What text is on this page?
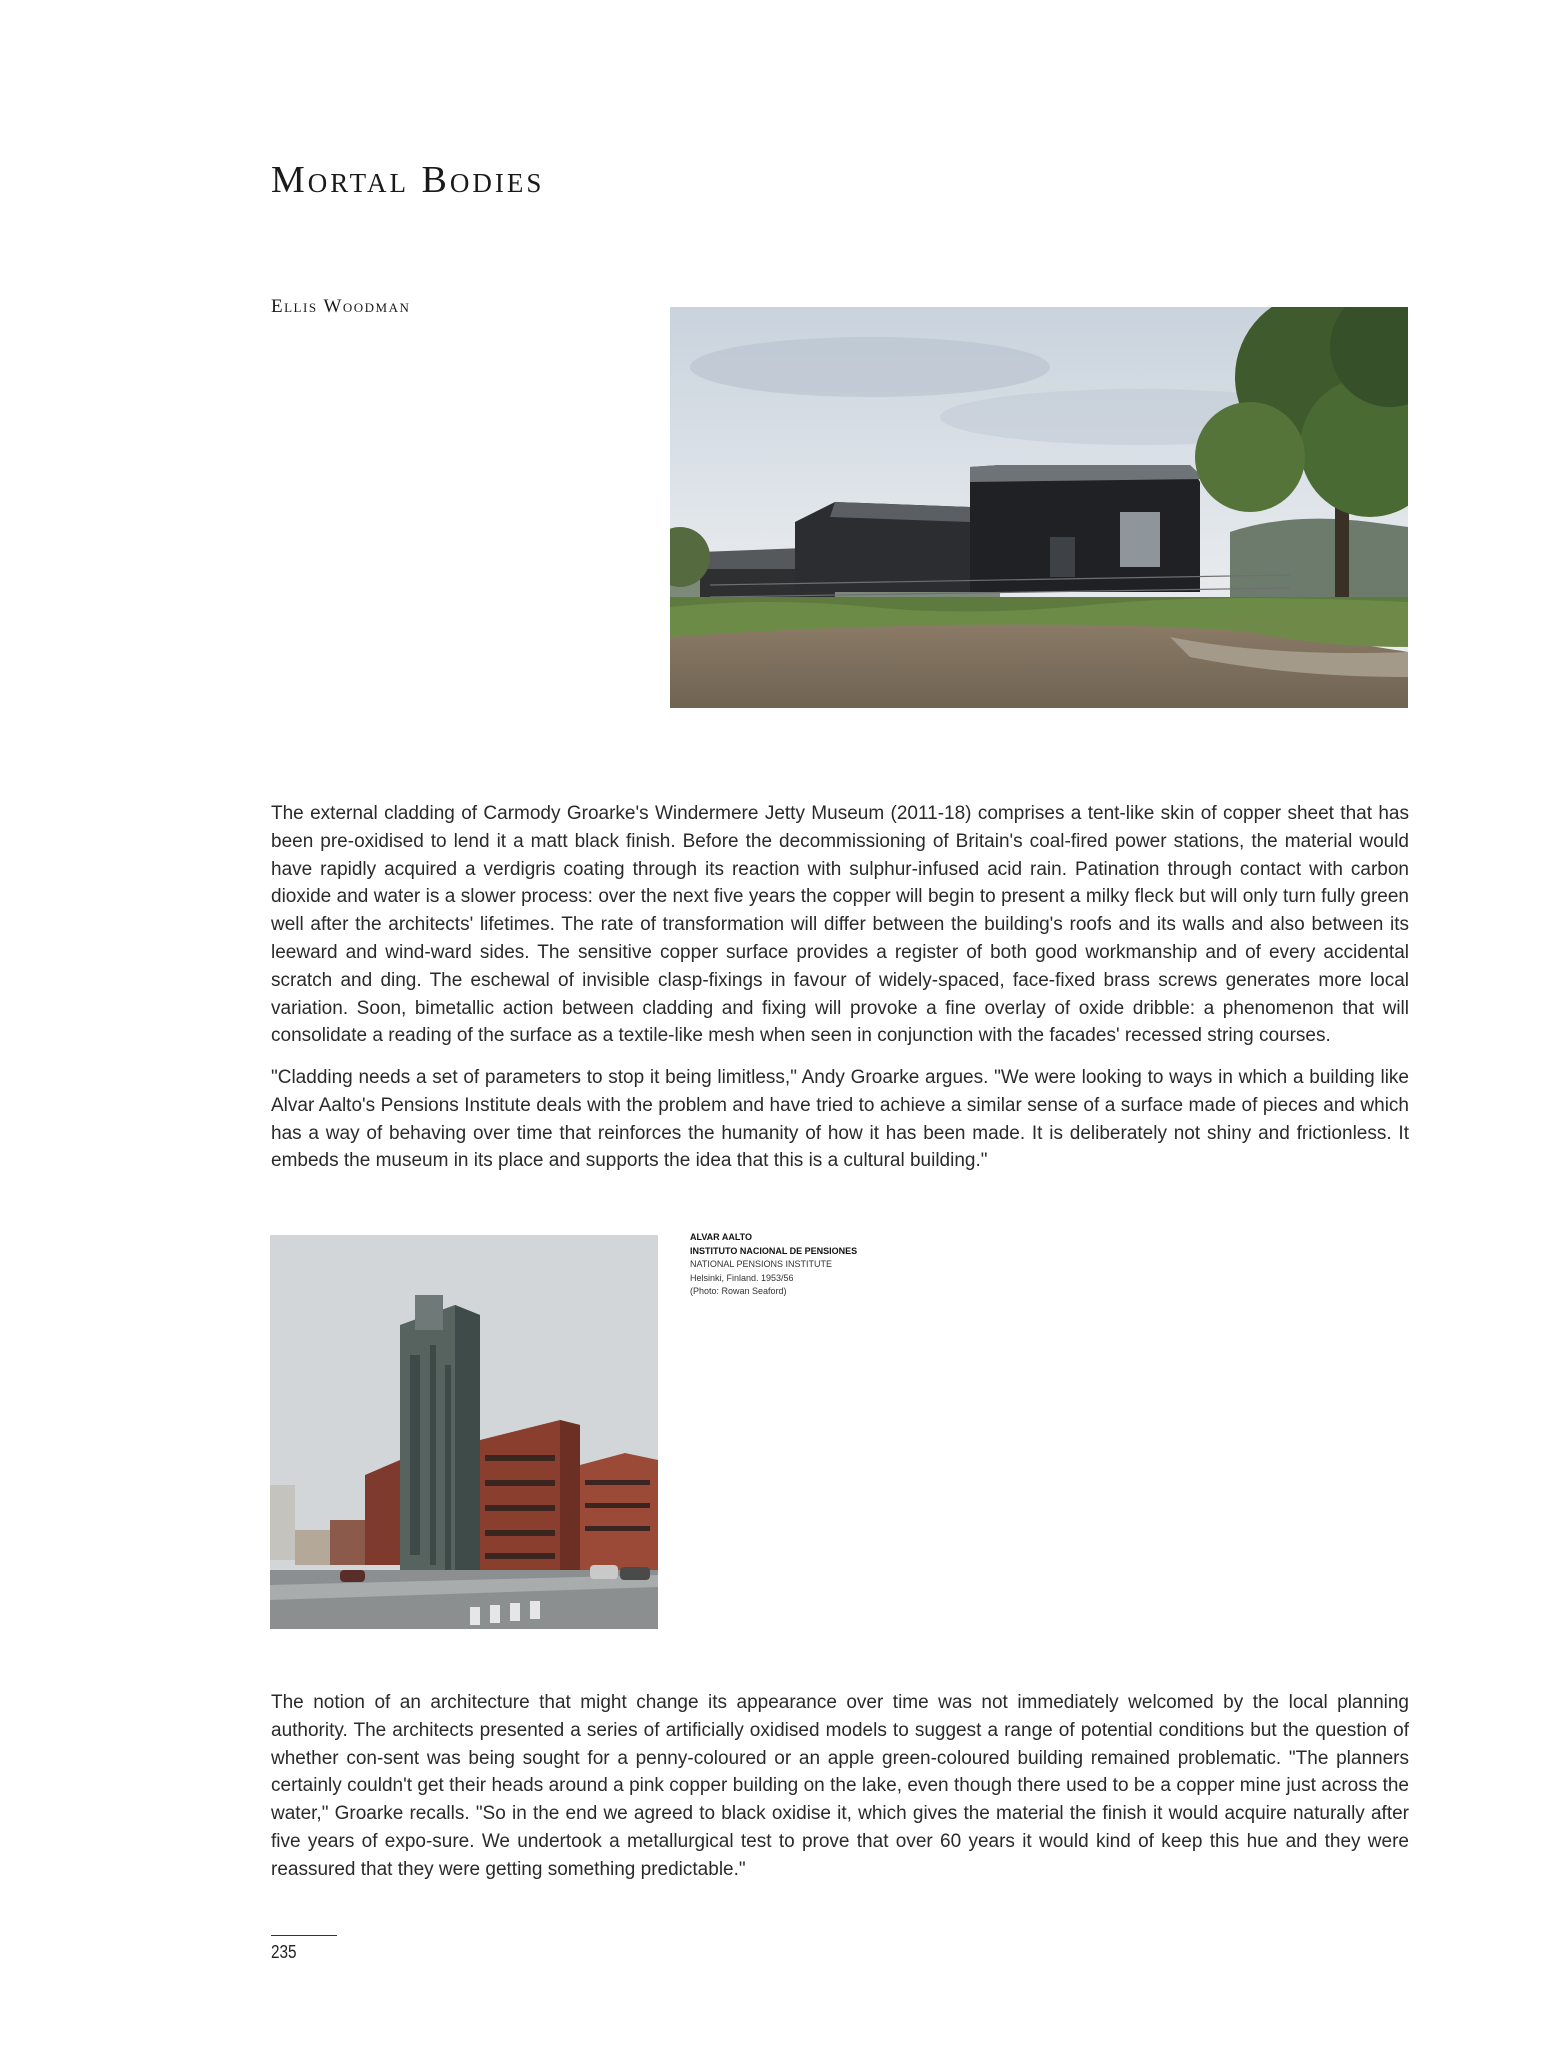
Mortal Bodies
Ellis Woodman

The external cladding of Carmody Groarke's Windermere Jetty Museum (2011-18) comprises a tent-like skin of copper sheet that has been pre-oxidised to lend it a matt black finish. Before the decommissioning of Britain's coal-fired power stations, the material would have rapidly acquired a verdigris coating through its reaction with sulphur-infused acid rain. Patination through contact with carbon dioxide and water is a slower process: over the next five years the copper will begin to present a milky fleck but will only turn fully green well after the architects' lifetimes. The rate of transformation will differ between the building's roofs and its walls and also between its leeward and wind-ward sides. The sensitive copper surface provides a register of both good workmanship and of every accidental scratch and ding. The eschewal of invisible clasp-fixings in favour of widely-spaced, face-fixed brass screws generates more local variation. Soon, bimetallic action between cladding and fixing will provoke a fine overlay of oxide dribble: a phenomenon that will consolidate a reading of the surface as a textile-like mesh when seen in conjunction with the facades' recessed string courses.

"Cladding needs a set of parameters to stop it being limitless," Andy Groarke argues. "We were looking to ways in which a building like Alvar Aalto's Pensions Institute deals with the problem and have tried to achieve a similar sense of a surface made of pieces and which has a way of behaving over time that reinforces the humanity of how it has been made. It is deliberately not shiny and frictionless. It embeds the museum in its place and supports the idea that this is a cultural building."

ALVAR AALTO
INSTITUTO NACIONAL DE PENSIONES
NATIONAL PENSIONS INSTITUTE
Helsinki, Finland. 1953/56
(Photo: Rowan Seaford)

The notion of an architecture that might change its appearance over time was not immediately welcomed by the local planning authority. The architects presented a series of artificially oxidised models to suggest a range of potential conditions but the question of whether con-sent was being sought for a penny-coloured or an apple green-coloured building remained problematic. "The planners certainly couldn't get their heads around a pink copper building on the lake, even though there used to be a copper mine just across the water," Groarke recalls. "So in the end we agreed to black oxidise it, which gives the material the finish it would acquire naturally after five years of expo-sure. We undertook a metallurgical test to prove that over 60 years it would kind of keep this hue and they were reassured that they were getting something predictable."

235
